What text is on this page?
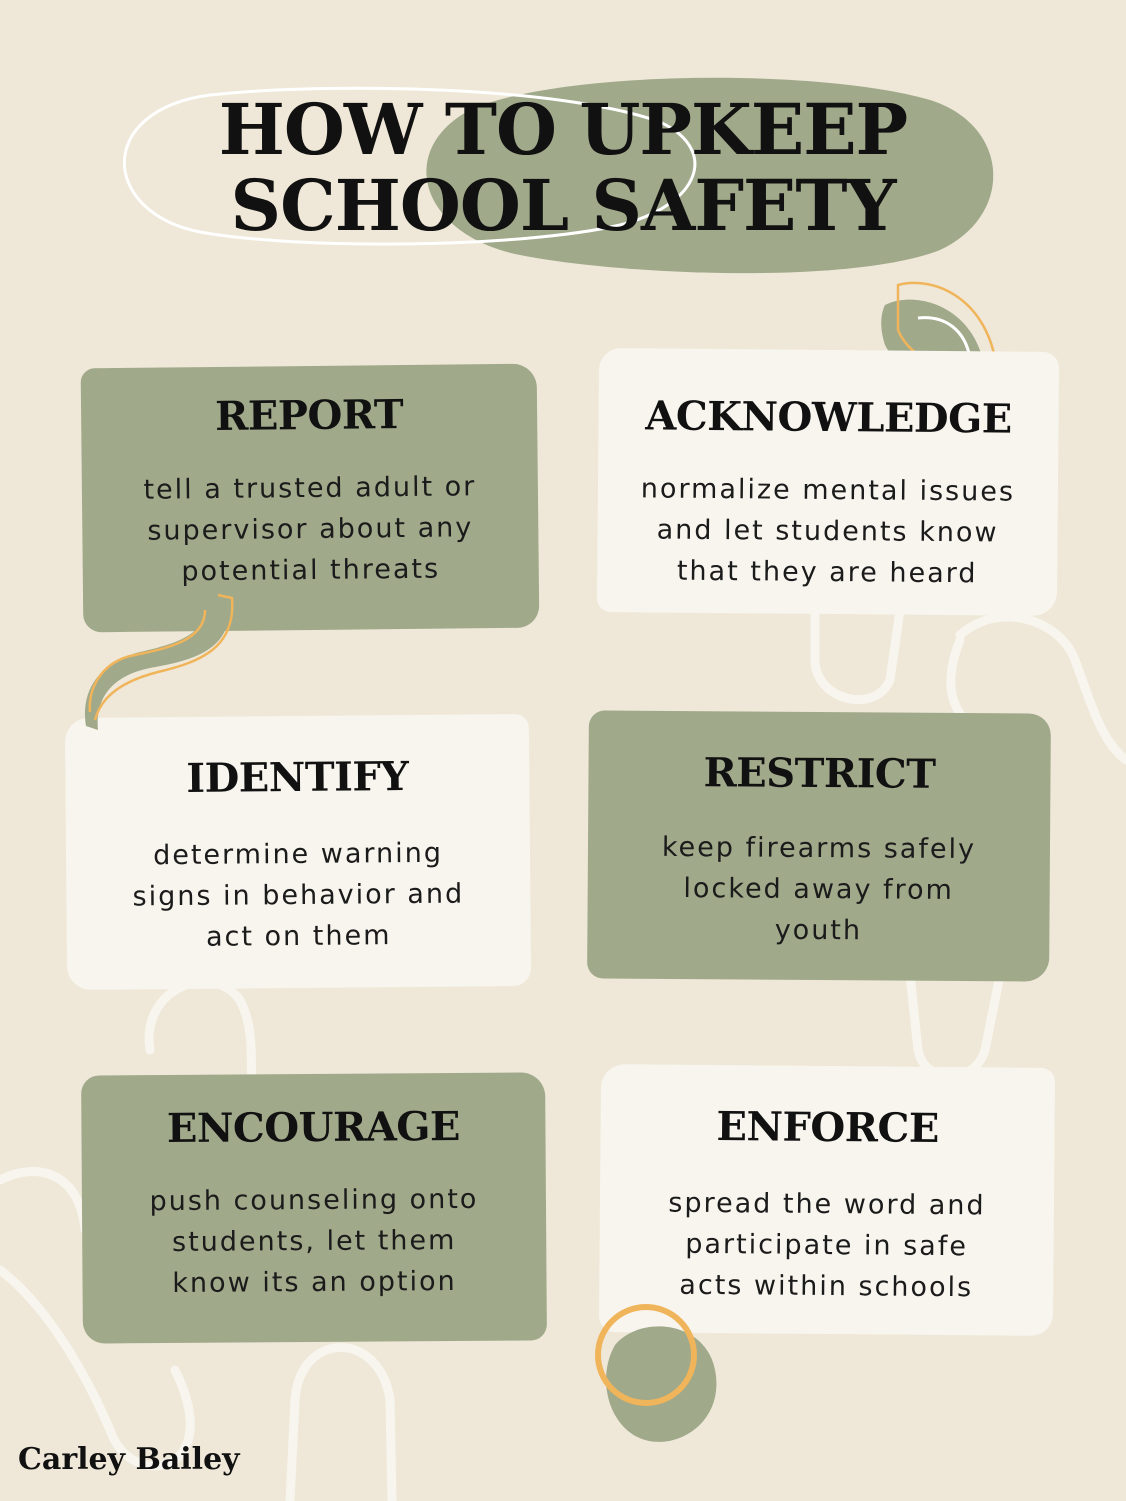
HOW TO UPKEEP
SCHOOL SAFETY
REPORT

tell a trusted adult or
supervisor about any
potential threats

ACKNOWLEDGE

normalize mental issues
and let students know
that they are heard

IDENTIFY

determine warning
signs in behavior and
act on them

RESTRICT

keep firearms safely
locked away from
youth

ENCOURAGE

push counseling onto
students, let them
know its an option

ENFORCE

spread the word and
participate in safe
acts within schools

Carley Bailey
